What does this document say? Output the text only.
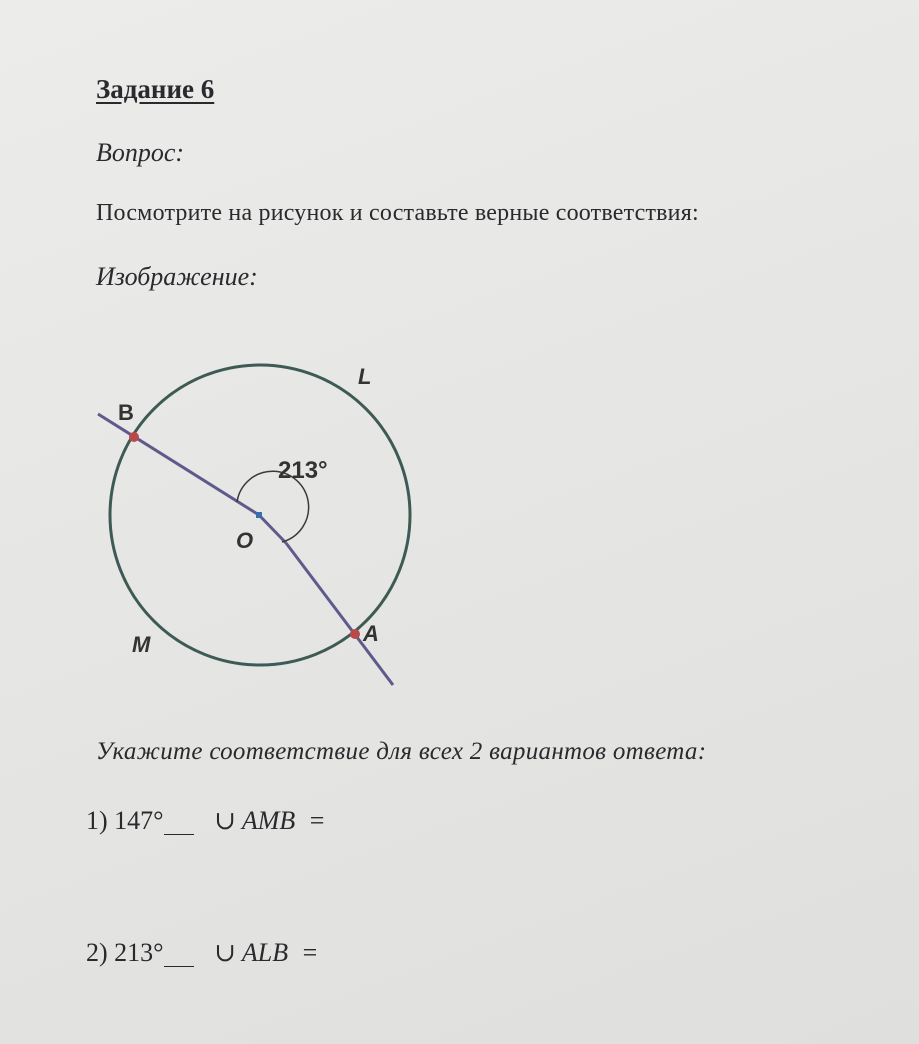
Задание 6

Вопрос:

Посмотрите на рисунок и составьте верные соответствия:

Изображение:

B
L
213°
O
A
M

Укажите соответствие для всех 2 вариантов ответа:

1) 147° ∪ AMB =
2) 213° ∪ ALB =
